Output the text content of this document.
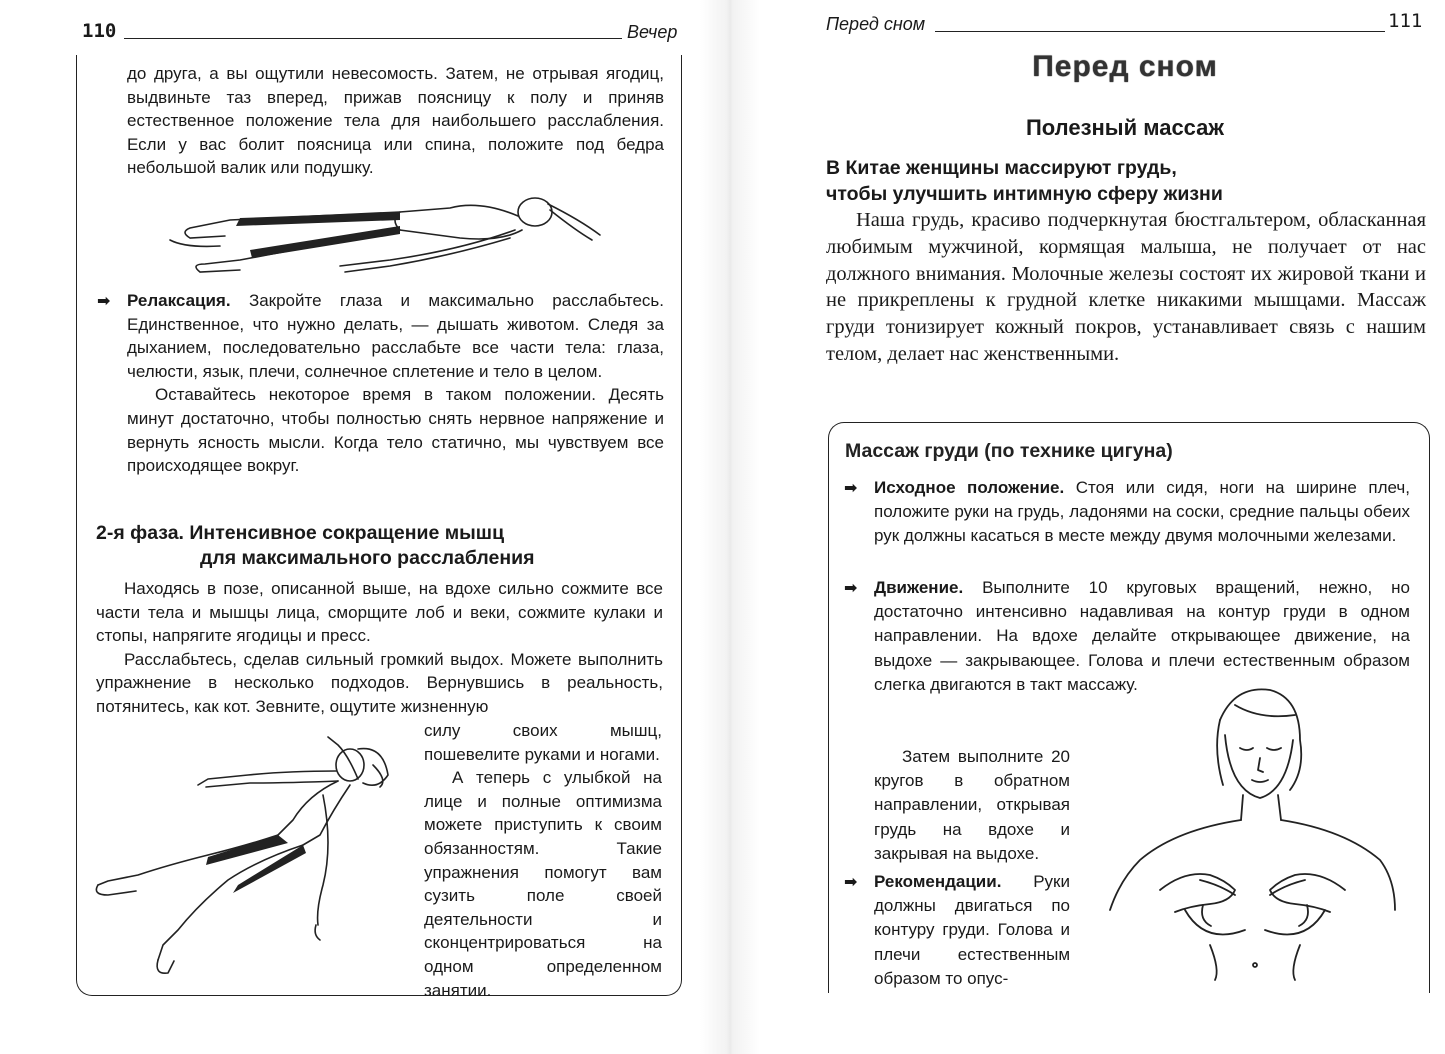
110	Вечер

до друга, а вы ощутили невесомость. Затем, не отрывая ягодиц, выдвиньте таз вперед, прижав поясницу к полу и приняв естественное положение тела для наибольшего расслабления. Если у вас болит поясница или спина, положите под бедра небольшой валик или подушку.

➡ Релаксация. Закройте глаза и максимально расслабьтесь. Единственное, что нужно делать, — дышать животом. Следя за дыханием, последовательно расслабьте все части тела: глаза, челюсти, язык, плечи, солнечное сплетение и тело в целом.

Оставайтесь некоторое время в таком положении. Десять минут достаточно, чтобы полностью снять нервное напряжение и вернуть ясность мысли. Когда тело статично, мы чувствуем все происходящее вокруг.

2-я фаза. Интенсивное сокращение мышц
для максимального расслабления

Находясь в позе, описанной выше, на вдохе сильно сожмите все части тела и мышцы лица, сморщите лоб и веки, сожмите кулаки и стопы, напрягите ягодицы и пресс.

Расслабьтесь, сделав сильный громкий выдох. Можете выполнить упражнение в несколько подходов. Вернувшись в реальность, потянитесь, как кот. Зевните, ощутите жизненную

силу своих мышц, пошевелите руками и ногами.

А теперь с улыбкой на лице и полные оптимизма можете приступить к своим обязанностям. Такие упражнения помогут вам сузить поле своей деятельности и сконцентрироваться на одном определенном занятии.

Перед сном	111
Перед сном
Полезный массаж
В Китае женщины массируют грудь,
чтобы улучшить интимную сферу жизни

Наша грудь, красиво подчеркнутая бюстгальтером, обласканная любимым мужчиной, кормящая малыша, не получает от нас должного внимания. Молочные железы состоят их жировой ткани и не прикреплены к грудной клетке никакими мышцами. Массаж груди тонизирует кожный покров, устанавливает связь с нашим телом, делает нас женственными.

Массаж груди (по технике цигуна)

➡ Исходное положение. Стоя или сидя, ноги на ширине плеч, положите руки на грудь, ладонями на соски, средние пальцы обеих рук должны касаться в месте между двумя молочными железами.

➡ Движение. Выполните 10 круговых вращений, нежно, но достаточно интенсивно надавливая на контур груди в одном направлении. На вдохе делайте открывающее движение, на выдохе — закрывающее. Голова и плечи естественным образом слегка двигаются в такт массажу.

Затем выполните 20 кругов в обратном направлении, открывая грудь на вдохе и закрывая на выдохе.

➡ Рекомендации. Руки должны двигаться по контуру груди. Голова и плечи естественным образом то опус-
